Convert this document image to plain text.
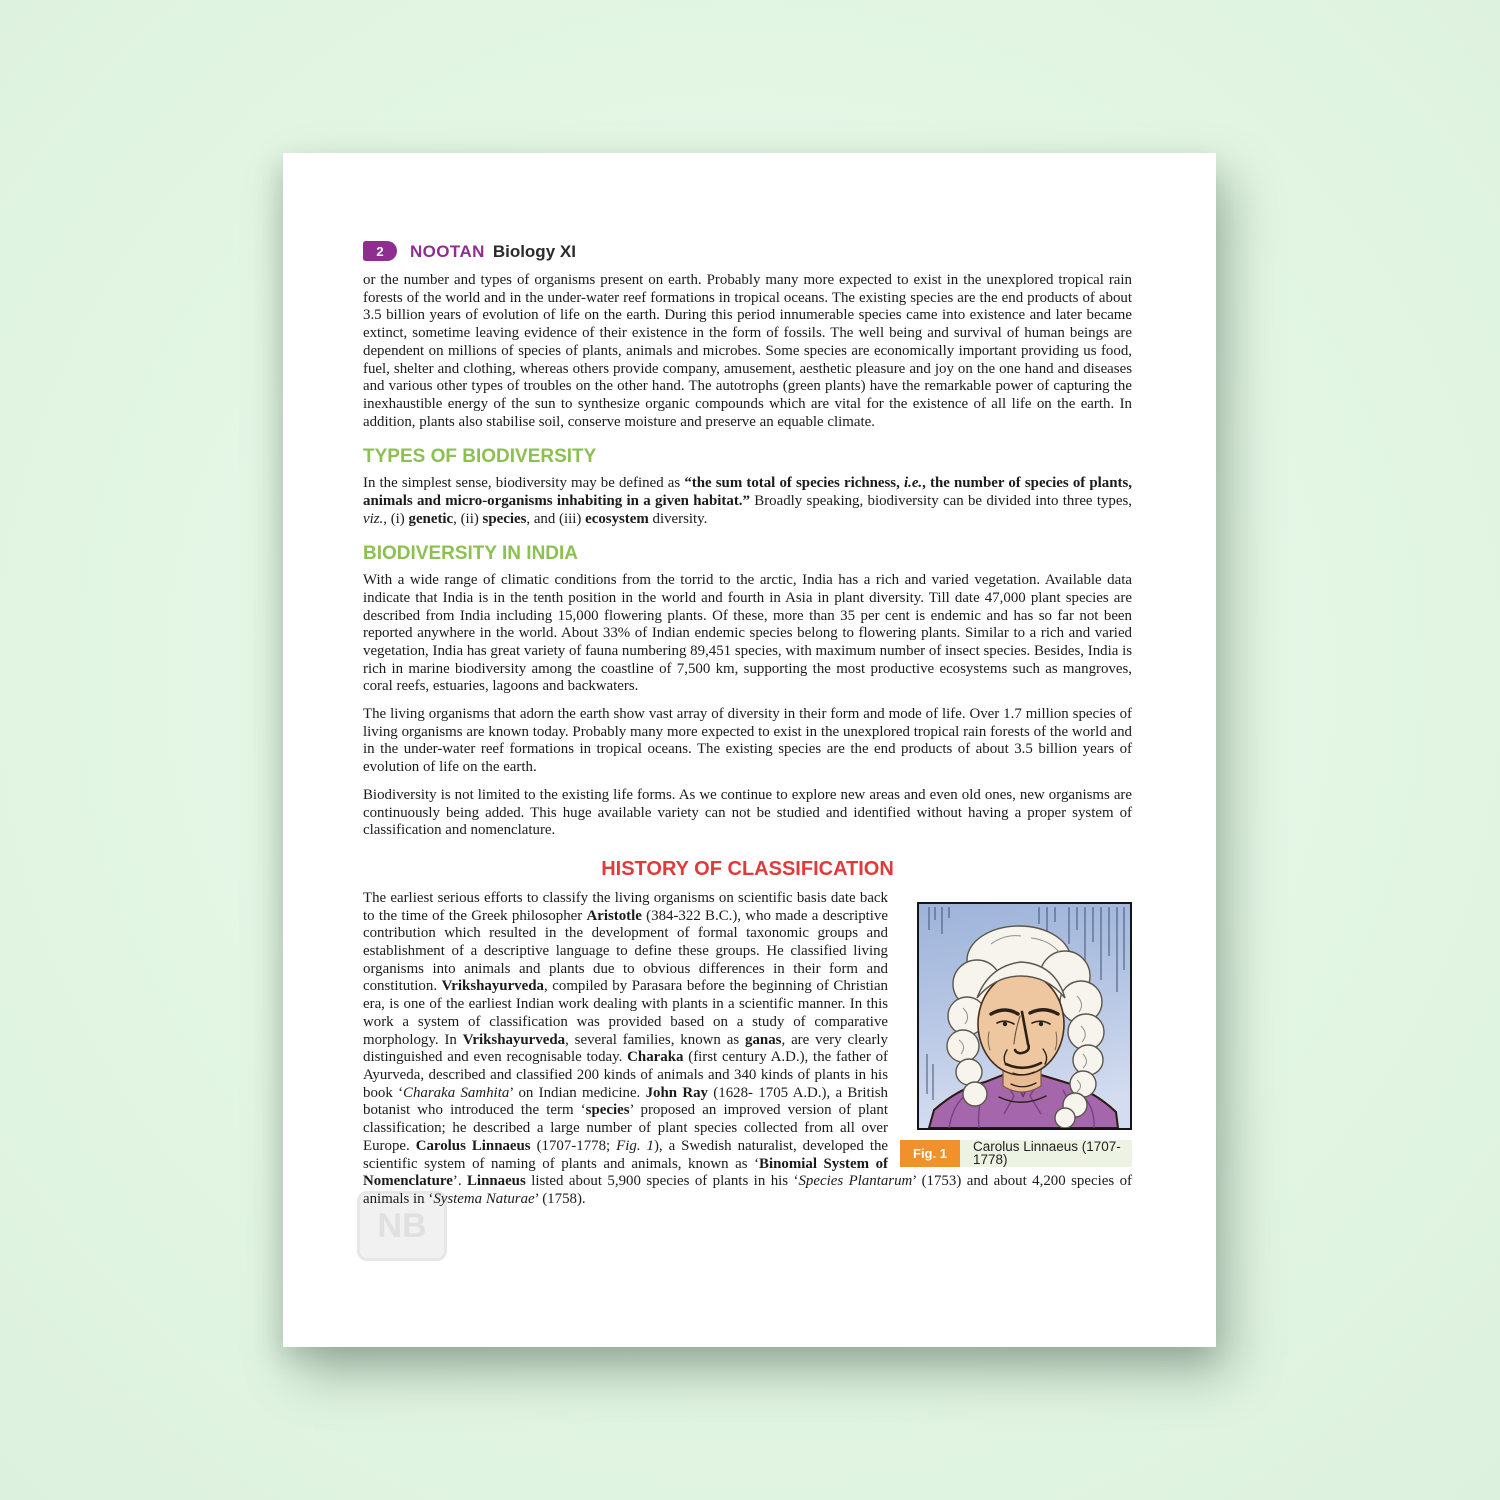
NB
2	NOOTAN Biology XI

or the number and types of organisms present on earth. Probably many more expected to exist in the unexplored tropical rain forests of the world and in the under-water reef formations in tropical oceans. The existing species are the end products of about 3.5 billion years of evolution of life on the earth. During this period innumerable species came into existence and later became extinct, sometime leaving evidence of their existence in the form of fossils. The well being and survival of human beings are dependent on millions of species of plants, animals and microbes. Some species are economically important providing us food, fuel, shelter and clothing, whereas others provide company, amusement, aesthetic pleasure and joy on the one hand and diseases and various other types of troubles on the other hand. The autotrophs (green plants) have the remarkable power of capturing the inexhaustible energy of the sun to synthesize organic compounds which are vital for the existence of all life on the earth. In addition, plants also stabilise soil, conserve moisture and preserve an equable climate.

TYPES OF BIODIVERSITY

In the simplest sense, biodiversity may be defined as “the sum total of species richness, i.e., the number of species of plants, animals and micro-organisms inhabiting in a given habitat.” Broadly speaking, biodiversity can be divided into three types, viz., (i) genetic, (ii) species, and (iii) ecosystem diversity.

BIODIVERSITY IN INDIA

With a wide range of climatic conditions from the torrid to the arctic, India has a rich and varied vegetation. Available data indicate that India is in the tenth position in the world and fourth in Asia in plant diversity. Till date 47,000 plant species are described from India including 15,000 flowering plants. Of these, more than 35 per cent is endemic and has so far not been reported anywhere in the world. About 33% of Indian endemic species belong to flowering plants. Similar to a rich and varied vegetation, India has great variety of fauna numbering 89,451 species, with maximum number of insect species. Besides, India is rich in marine biodiversity among the coastline of 7,500 km, supporting the most productive ecosystems such as mangroves, coral reefs, estuaries, lagoons and backwaters.

The living organisms that adorn the earth show vast array of diversity in their form and mode of life. Over 1.7 million species of living organisms are known today. Probably many more expected to exist in the unexplored tropical rain forests of the world and in the under-water reef formations in tropical oceans. The existing species are the end products of about 3.5 billion years of evolution of life on the earth.

Biodiversity is not limited to the existing life forms. As we continue to explore new areas and even old ones, new organisms are continuously being added. This huge available variety can not be studied and identified without having a proper system of classification and nomenclature.

HISTORY OF CLASSIFICATION
Fig. 1	Carolus Linnaeus (1707-1778)

The earliest serious efforts to classify the living organisms on scientific basis date back to the time of the Greek philosopher Aristotle (384-322 B.C.), who made a descriptive contribution which resulted in the development of formal taxonomic groups and establishment of a descriptive language to define these groups. He classified living organisms into animals and plants due to obvious differences in their form and constitution. Vrikshayurveda, compiled by Parasara before the beginning of Christian era, is one of the earliest Indian work dealing with plants in a scientific manner. In this work a system of classification was provided based on a study of comparative morphology. In Vrikshayurveda, several families, known as ganas, are very clearly distinguished and even recognisable today. Charaka (first century A.D.), the father of Ayurveda, described and classified 200 kinds of animals and 340 kinds of plants in his book ‘Charaka Samhita’ on Indian medicine. John Ray (1628- 1705 A.D.), a British botanist who introduced the term ‘species’ proposed an improved version of plant classification; he described a large number of plant species collected from all over Europe. Carolus Linnaeus (1707-1778; Fig. 1), a Swedish naturalist, developed the scientific system of naming of plants and animals, known as ‘Binomial System of Nomenclature’. Linnaeus listed about 5,900 species of plants in his ‘Species Plantarum’ (1753) and about 4,200 species of animals in ‘Systema Naturae’ (1758).
